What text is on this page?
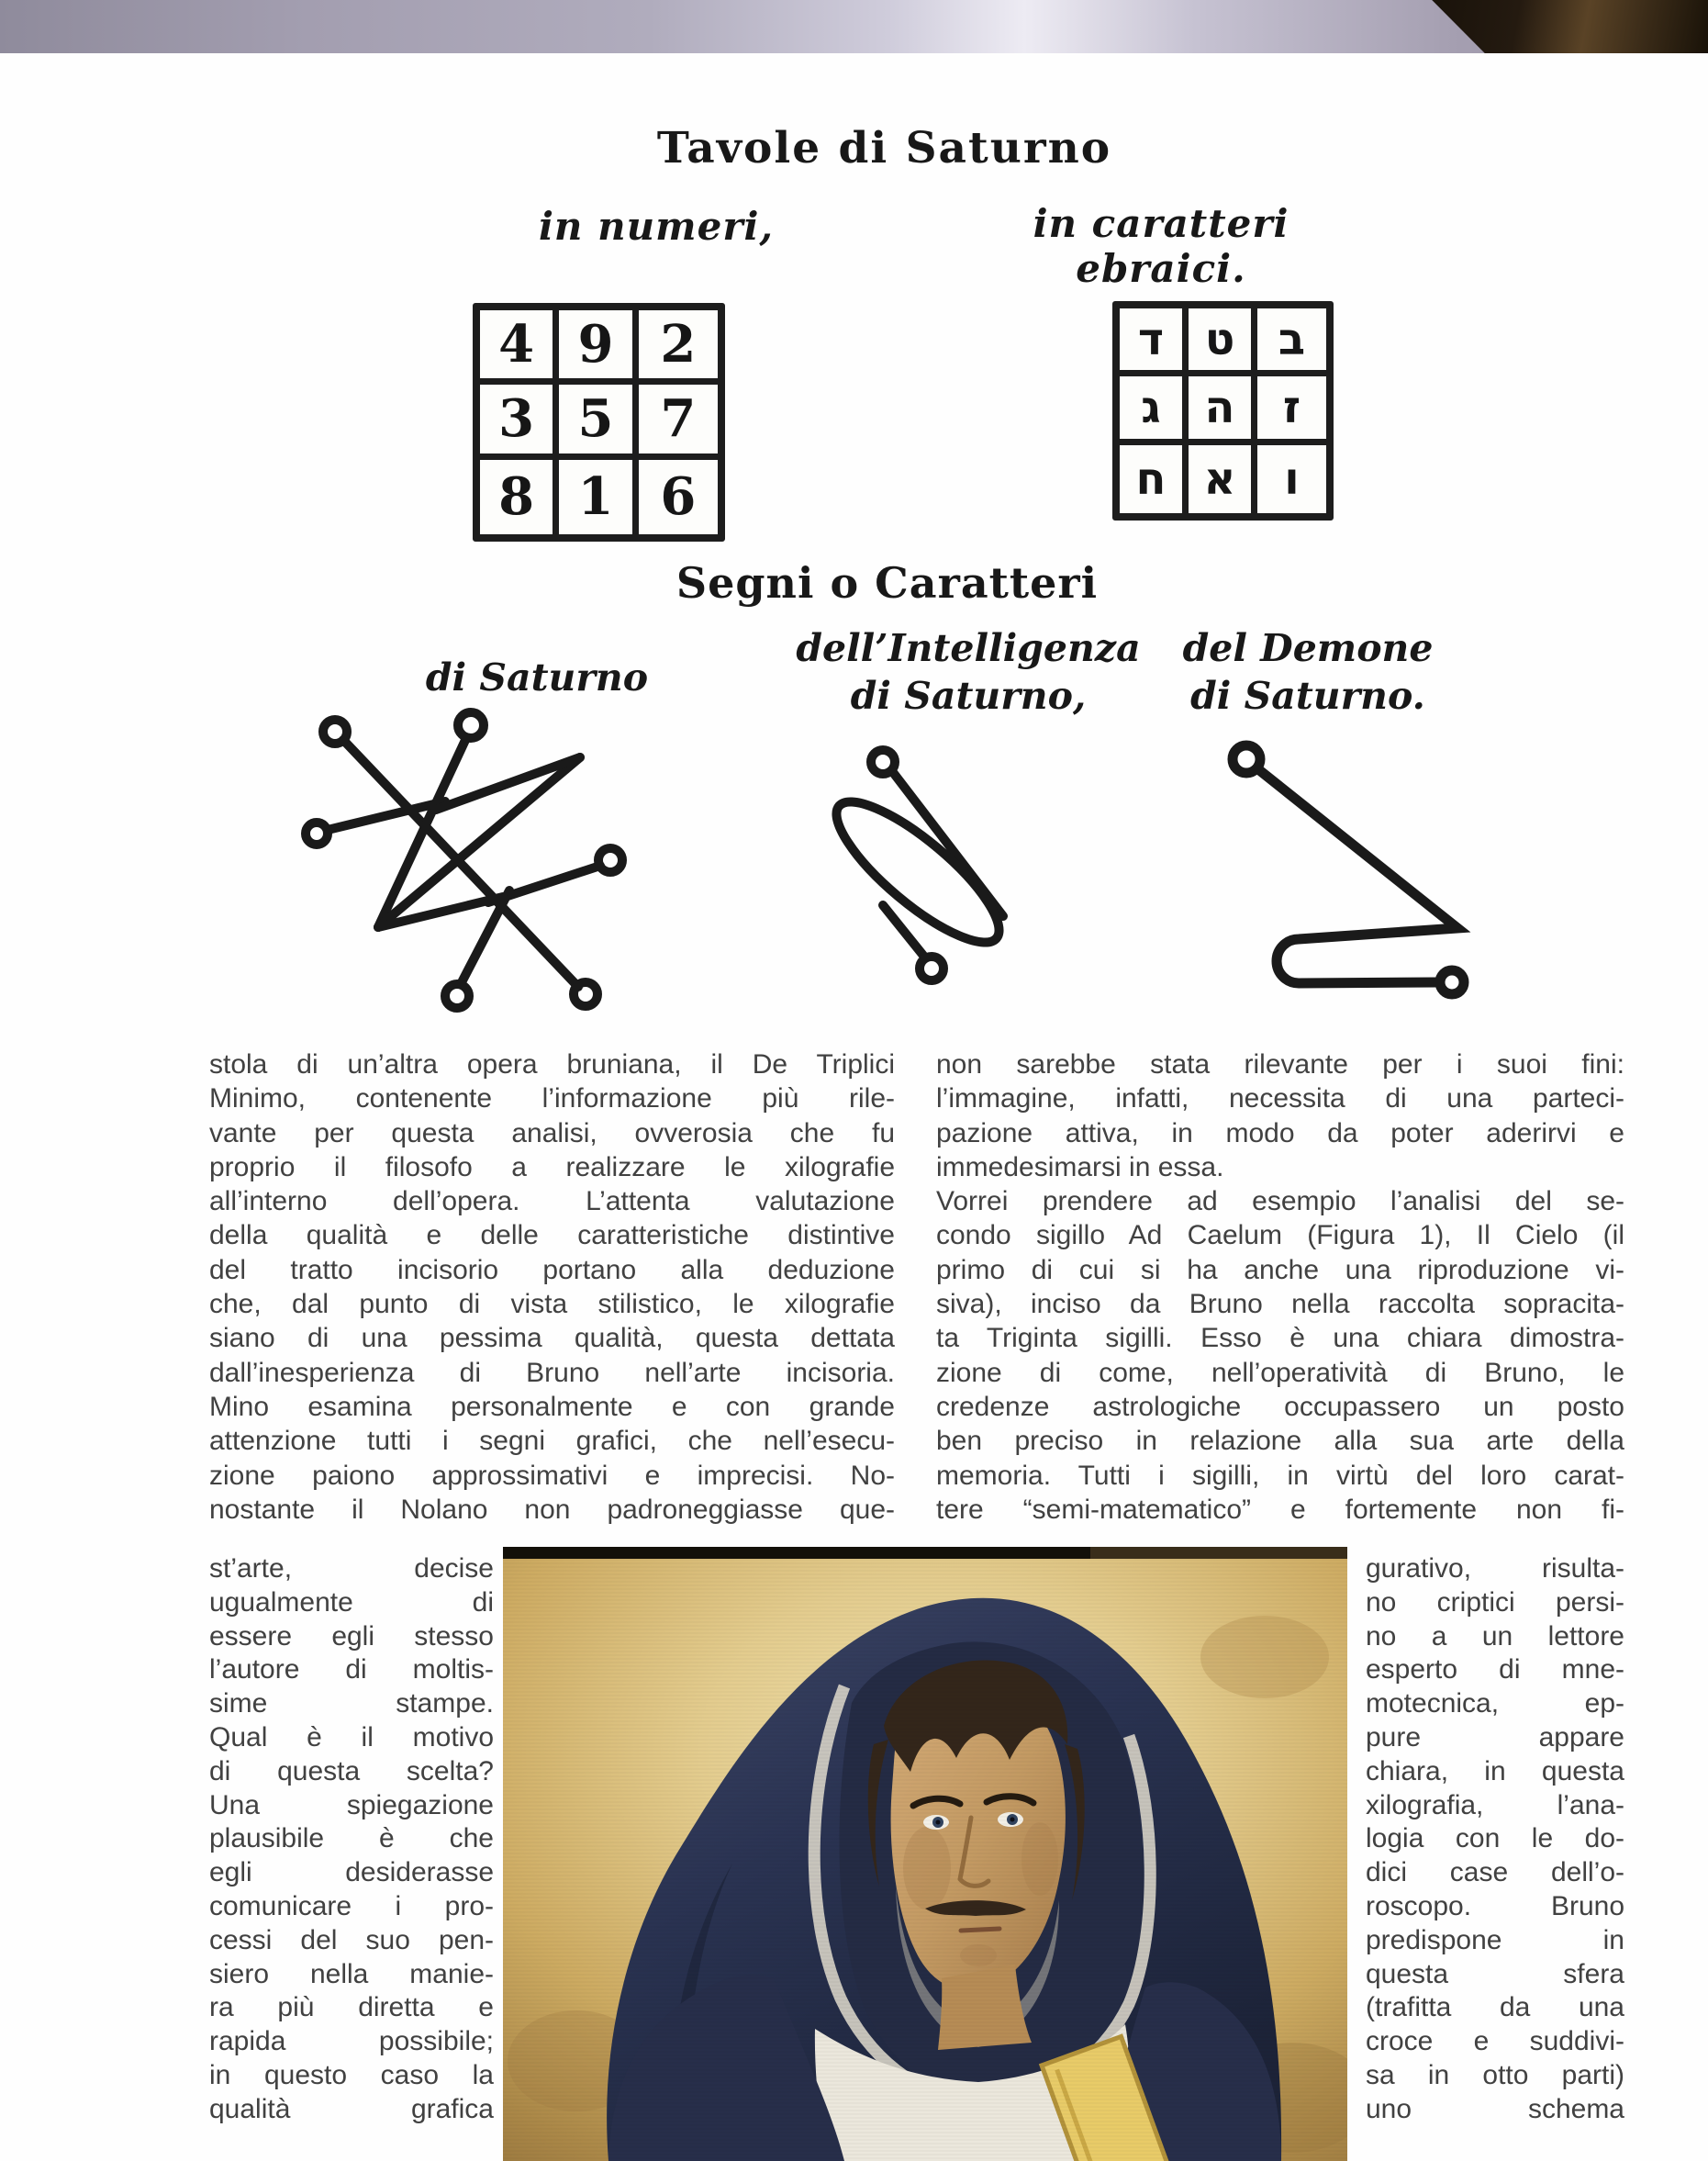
Tavole di Saturno
in numeri,	in caratteri ebraici.
4 9 2
3 5 7
8 1 6
ד ט ב
ג ה	ז
ח א	ו
Segni o Caratteri
di Saturno
dell’Intelligenza
di Saturno,
del Demone
di Saturno.
stola di un’altra opera bruniana, il De Triplici
Minimo, contenente l’informazione più rile-
vante per questa analisi, ovverosia che fu
proprio il filosofo a realizzare le xilografie
all’interno dell’opera. L’attenta valutazione
della qualità e delle caratteristiche distintive
del tratto incisorio portano alla deduzione
che, dal punto di vista stilistico, le xilografie
siano di una pessima qualità, questa dettata
dall’inesperienza di Bruno nell’arte incisoria.
Mino esamina personalmente e con grande
attenzione tutti i segni grafici, che nell’esecu-
zione paiono approssimativi e imprecisi. No-
nostante il Nolano non padroneggiasse que-
st’arte, decise
ugualmente di
essere egli stesso
l’autore di moltis-
sime stampe.
Qual è il motivo
di questa scelta?
Una spiegazione
plausibile è che
egli desiderasse
comunicare i pro-
cessi del suo pen-
siero nella manie-
ra più diretta e
rapida possibile;
in questo caso la
qualità grafica
non sarebbe stata rilevante per i suoi fini:
l’immagine, infatti, necessita di una parteci-
pazione attiva, in modo da poter aderirvi e
immedesimarsi in essa.
Vorrei prendere ad esempio l’analisi del se-
condo sigillo Ad Caelum (Figura 1), Il Cielo (il
primo di cui si ha anche una riproduzione vi-
siva), inciso da Bruno nella raccolta sopracita-
ta Triginta sigilli. Esso è una chiara dimostra-
zione di come, nell’operatività di Bruno, le
credenze astrologiche occupassero un posto
ben preciso in relazione alla sua arte della
memoria. Tutti i sigilli, in virtù del loro carat-
tere “semi-matematico” e fortemente non fi-
gurativo, risulta-
no criptici persi-
no a un lettore
esperto di mne-
motecnica, ep-
pure appare
chiara, in questa
xilografia, l’ana-
logia con le do-
dici case dell’o-
roscopo. Bruno
predispone in
questa sfera
(trafitta da una
croce e suddivi-
sa in otto parti)
uno schema
